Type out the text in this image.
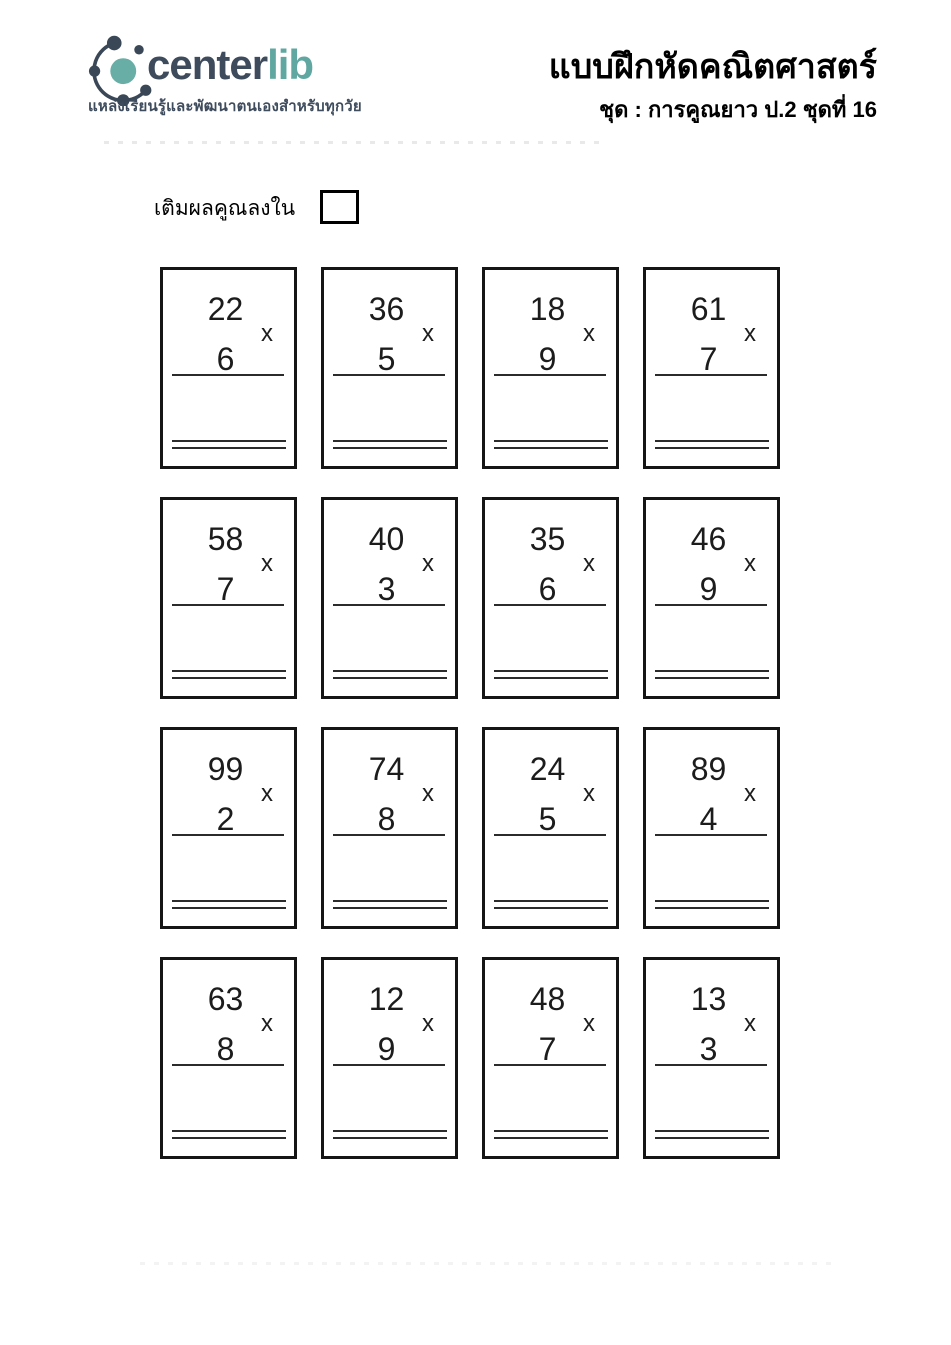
centerlib
แหล่งเรียนรู้และพัฒนาตนเองสำหรับทุกวัย
แบบฝึกหัดคณิตศาสตร์
ชุด : การคูณยาว ป.2 ชุดที่ 16
เติมผลคูณลงใน
22
x
6
36
x
5
18
x
9
61
x
7
58
x
7
40
x
3
35
x
6
46
x
9
99
x
2
74
x
8
24
x
5
89
x
4
63
x
8
12
x
9
48
x
7
13
x
3
